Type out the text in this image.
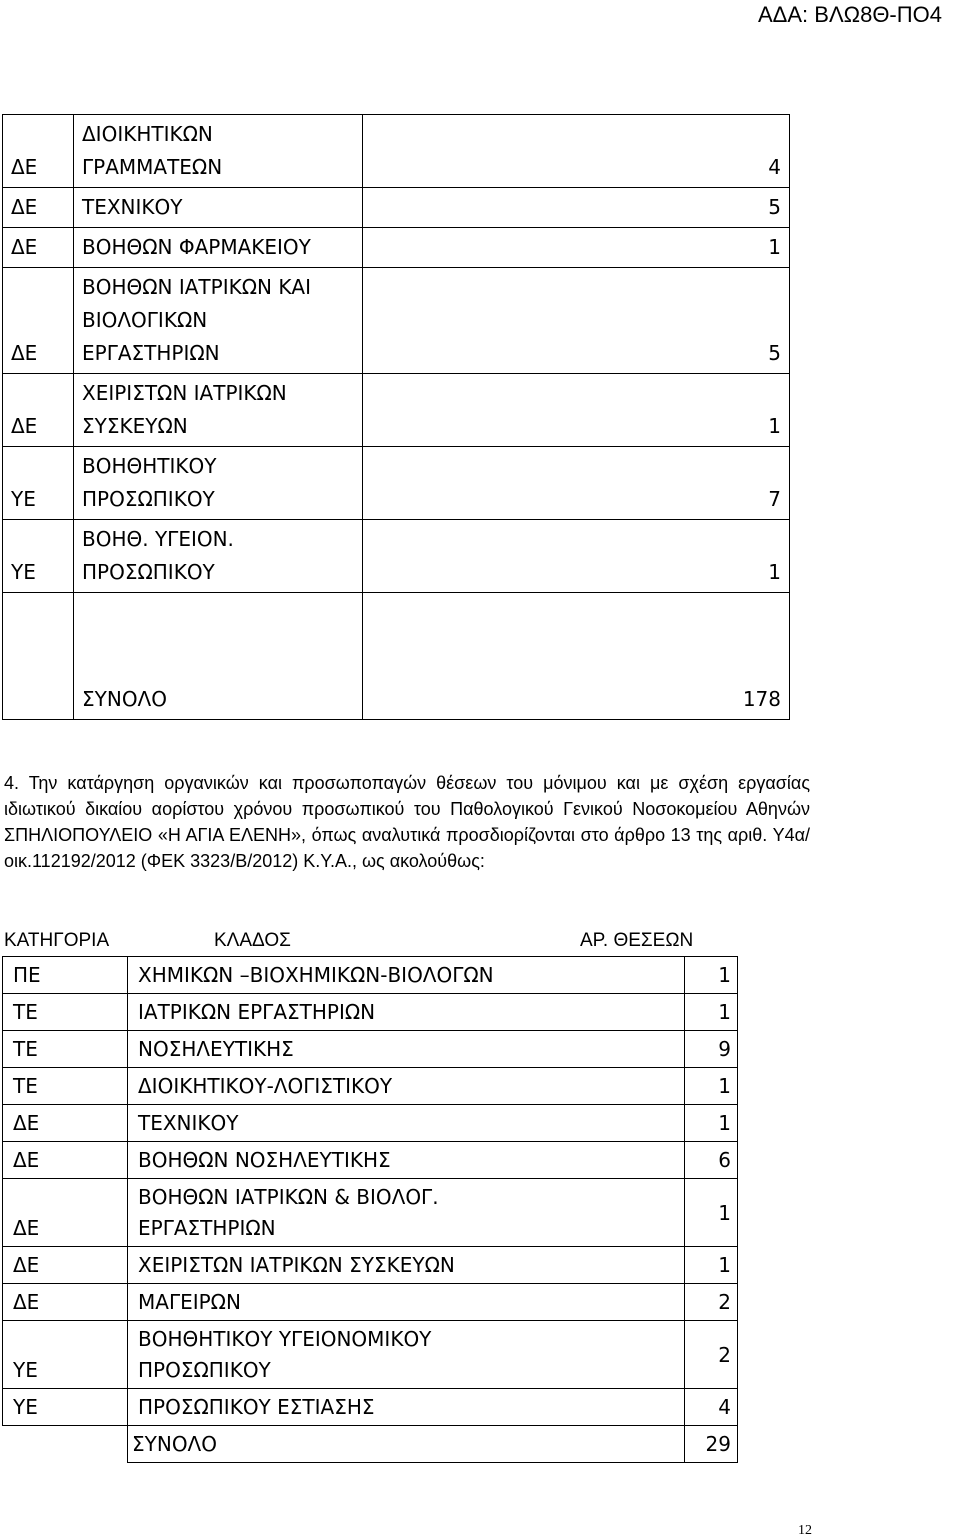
ΑΔΑ: ΒΛΩ8Θ-ΠΟ4
ΔΕ	ΔΙΟΙΚΗΤΙΚΩΝ
ΓΡΑΜΜΑΤΕΩΝ	4
ΔΕ	ΤΕΧΝΙΚΟΥ	5
ΔΕ	ΒΟΗΘΩΝ ΦΑΡΜΑΚΕΙΟΥ	1
ΔΕ	ΒΟΗΘΩΝ ΙΑΤΡΙΚΩΝ ΚΑΙ
ΒΙΟΛΟΓΙΚΩΝ
ΕΡΓΑΣΤΗΡΙΩΝ	5
ΔΕ	ΧΕΙΡΙΣΤΩΝ ΙΑΤΡΙΚΩΝ
ΣΥΣΚΕΥΩΝ	1
ΥΕ	ΒΟΗΘΗΤΙΚΟΥ
ΠΡΟΣΩΠΙΚΟΥ	7
ΥΕ	ΒΟΗΘ. ΥΓΕΙΟΝ.
ΠΡΟΣΩΠΙΚΟΥ	1
	ΣΥΝΟΛΟ	178
4. Την κατάργηση οργανικών και προσωποπαγών θέσεων του μόνιμου και με σχέση εργασίας ιδιωτικού δικαίου αορίστου χρόνου προσωπικού του Παθολογικού Γενικού Νοσοκομείου Αθηνών ΣΠΗΛΙΟΠΟΥΛΕΙΟ «Η ΑΓΙΑ ΕΛΕΝΗ», όπως αναλυτικά προσδιορίζονται στο άρθρο 13 της αριθ. Υ4α/οικ.112192/2012 (ΦΕΚ 3323/Β/2012) Κ.Υ.Α., ως ακολούθως:
ΚΑΤΗΓΟΡΙΑ	ΚΛΑΔΟΣ	ΑΡ. ΘΕΣΕΩΝ
ΠΕ	ΧΗΜΙΚΩΝ –ΒΙΟΧΗΜΙΚΩΝ-ΒΙΟΛΟΓΩΝ	1
ΤΕ	ΙΑΤΡΙΚΩΝ ΕΡΓΑΣΤΗΡΙΩΝ	1
ΤΕ	ΝΟΣΗΛΕΥΤΙΚΗΣ	9
ΤΕ	ΔΙΟΙΚΗΤΙΚΟΥ-ΛΟΓΙΣΤΙΚΟΥ	1
ΔΕ	ΤΕΧΝΙΚΟΥ	1
ΔΕ	ΒΟΗΘΩΝ ΝΟΣΗΛΕΥΤΙΚΗΣ	6
ΔΕ	ΒΟΗΘΩΝ ΙΑΤΡΙΚΩΝ & ΒΙΟΛΟΓ.
ΕΡΓΑΣΤΗΡΙΩΝ	1
ΔΕ	ΧΕΙΡΙΣΤΩΝ ΙΑΤΡΙΚΩΝ ΣΥΣΚΕΥΩΝ	1
ΔΕ	ΜΑΓΕΙΡΩΝ	2
ΥΕ	ΒΟΗΘΗΤΙΚΟΥ ΥΓΕΙΟΝΟΜΙΚΟΥ
ΠΡΟΣΩΠΙΚΟΥ	2
ΥΕ	ΠΡΟΣΩΠΙΚΟΥ ΕΣΤΙΑΣΗΣ	4
	ΣΥΝΟΛΟ	29
12
